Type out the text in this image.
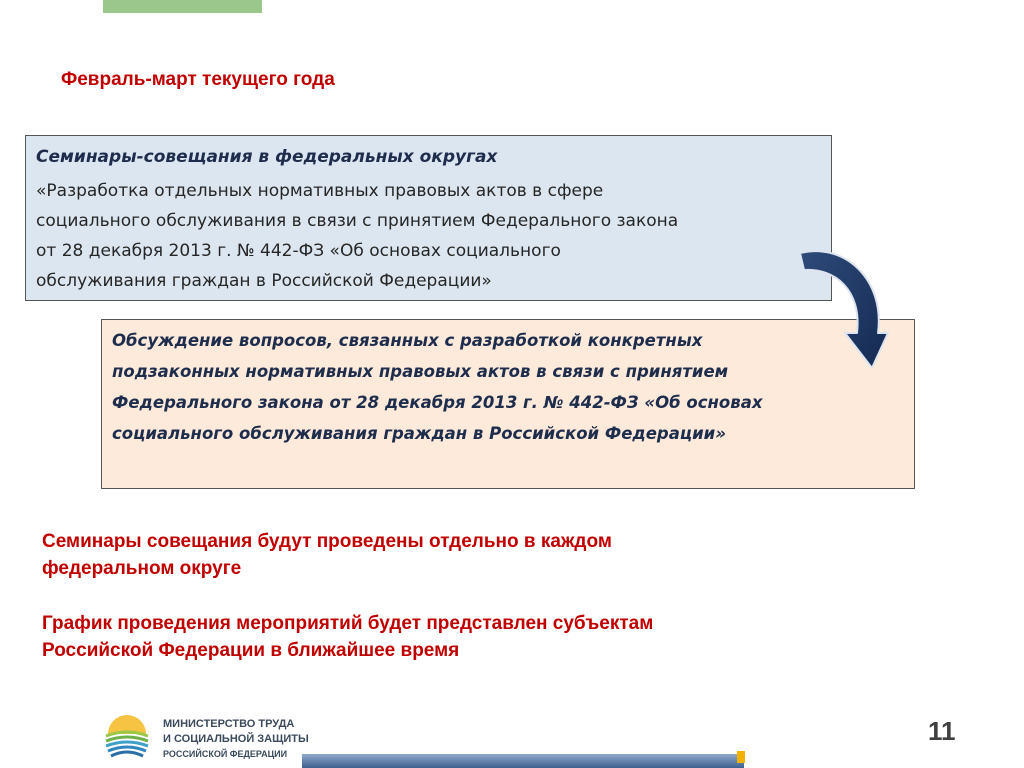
Февраль-март текущего года
Семинары-совещания в федеральных округах
«Разработка отдельных нормативных правовых актов в сфере
социального обслуживания в связи с принятием Федерального закона
от 28 декабря 2013 г. № 442-ФЗ «Об основах социального
обслуживания граждан в Российской Федерации»
Обсуждение вопросов, связанных с разработкой конкретных
подзаконных нормативных правовых актов в связи с принятием
Федерального закона от 28 декабря 2013 г. № 442-ФЗ «Об основах
социального обслуживания граждан в Российской Федерации»
Семинары совещания будут проведены отдельно в каждом
федеральном округе
График проведения мероприятий будет представлен субъектам
Российской Федерации в ближайшее время
МИНИСТЕРСТВО ТРУДА
И СОЦИАЛЬНОЙ ЗАЩИТЫ
РОССИЙСКОЙ ФЕДЕРАЦИИ
11
